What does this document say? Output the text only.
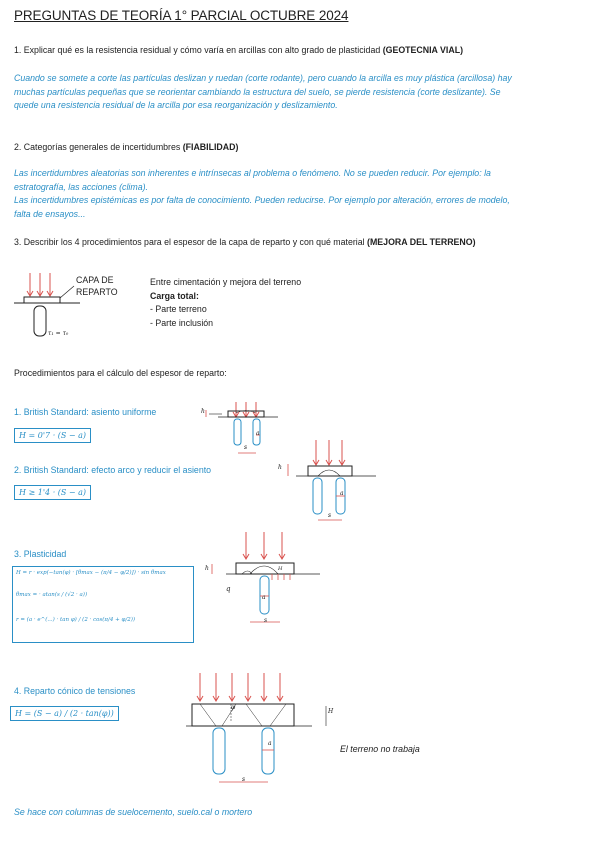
PREGUNTAS DE TEORÍA 1° PARCIAL OCTUBRE 2024
1. Explicar qué es la resistencia residual y cómo varía en arcillas con alto grado de plasticidad (GEOTECNIA VIAL)
Cuando se somete a corte las partículas deslizan y ruedan (corte rodante), pero cuando la arcilla es muy plástica (arcillosa) hay
muchas partículas pequeñas que se reorientar cambiando la estructura del suelo, se pierde resistencia (corte deslizante). Se
quede una resistencia residual de la arcilla por esa reorganización y deslizamiento.
2. Categorías generales de incertidumbres (FIABILIDAD)
Las incertidumbres aleatorias son inherentes e intrínsecas al problema o fenómeno. No se pueden reducir. Por ejemplo: la
estratografía, las acciones (clima).
Las incertidumbres epistémicas es por falta de conocimiento. Pueden reducirse. Por ejemplo por alteración, errores de modelo,
falta de ensayos...
3. Describir los 4 procedimientos para el espesor de la capa de reparto y con qué material (MEJORA DEL TERRENO)
CAPA DE
REPARTO
τ₁ = τ₀
Entre cimentación y mejora del terreno
Carga total:
- Parte terreno
- Parte inclusión
Procedimientos para el cálculo del espesor de reparto:
1. British Standard: asiento uniforme
H = 0'7 · (S − a)
h
s
a
2. British Standard: efecto arco y reducir el asiento
H ≥ 1'4 · (S − a)
h
s
a
3. Plasticidad
H = r · exp(−tan(φ) · [θmax − (π/4 − φ/2)]) · sin θmax
θmax = · atan(s / (√2 · a))
r = (a · e^(...) · tan φ) / (2 · cos(π/4 + φ/2))
h
q
H
s
a
4. Reparto cónico de tensiones
H = (S − a) / (2 · tan(φ))
φ
H
s
a
El terreno no trabaja
Se hace con columnas de suelocemento, suelo.cal o mortero
